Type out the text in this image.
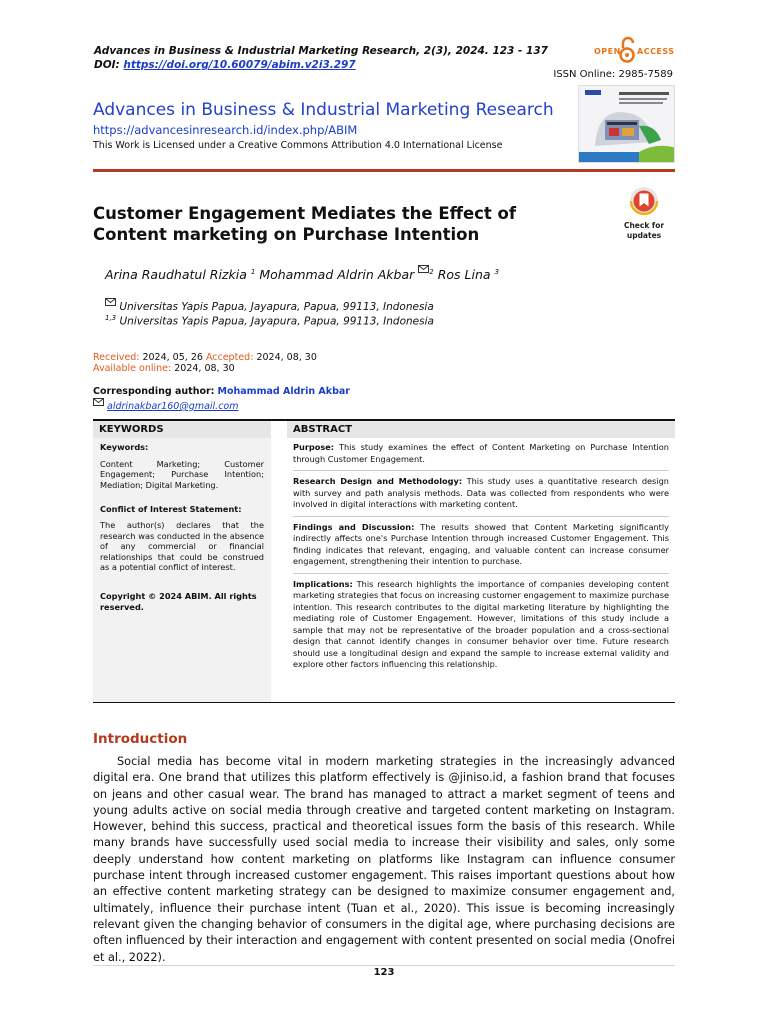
Advances in Business & Industrial Marketing Research, 2(3), 2024. 123 - 137
DOI: https://doi.org/10.60079/abim.v2i3.297
OPEN ACCESS
ISSN Online: 2985-7589
Advances in Business & Industrial Marketing Research
https://advancesinresearch.id/index.php/ABIM
This Work is Licensed under a Creative Commons Attribution 4.0 International License
Customer Engagement Mediates the Effect of Content marketing on Purchase Intention	Check for
updates
Arina Raudhatul Rizkia $^1$ Mohammad Aldrin Akbar $^2$ Ros Lina $^3$
Universitas Yapis Papua, Jayapura, Papua, 99113, Indonesia
$^{1,3}$ Universitas Yapis Papua, Jayapura, Papua, 99113, Indonesia
Received: 2024, 05, 26 Accepted: 2024, 08, 30
Available online: 2024, 08, 30
Corresponding author: Mohammad Aldrin Akbar
aldrinakbar160@gmail.com
KEYWORDS	ABSTRACT
Keywords:
Content Marketing; Customer Engagement; Purchase Intention; Mediation; Digital Marketing.
Conflict of Interest Statement:
The author(s) declares that the research was conducted in the absence of any commercial or financial relationships that could be construed as a potential conflict of interest.
Copyright © 2024 ABIM. All rights reserved.
Purpose: This study examines the effect of Content Marketing on Purchase Intention through Customer Engagement.
Research Design and Methodology: This study uses a quantitative research design with survey and path analysis methods. Data was collected from respondents who were involved in digital interactions with marketing content.
Findings and Discussion: The results showed that Content Marketing significantly indirectly affects one's Purchase Intention through increased Customer Engagement. This finding indicates that relevant, engaging, and valuable content can increase consumer engagement, strengthening their intention to purchase.
Implications: This research highlights the importance of companies developing content marketing strategies that focus on increasing customer engagement to maximize purchase intention. This research contributes to the digital marketing literature by highlighting the mediating role of Customer Engagement. However, limitations of this study include a sample that may not be representative of the broader population and a cross-sectional design that cannot identify changes in consumer behavior over time. Future research should use a longitudinal design and expand the sample to increase external validity and explore other factors influencing this relationship.
Introduction
Social media has become vital in modern marketing strategies in the increasingly advanced digital era. One brand that utilizes this platform effectively is @jiniso.id, a fashion brand that focuses on jeans and other casual wear. The brand has managed to attract a market segment of teens and young adults active on social media through creative and targeted content marketing on Instagram. However, behind this success, practical and theoretical issues form the basis of this research. While many brands have successfully used social media to increase their visibility and sales, only some deeply understand how content marketing on platforms like Instagram can influence consumer purchase intent through increased customer engagement. This raises important questions about how an effective content marketing strategy can be designed to maximize consumer engagement and, ultimately, influence their purchase intent (Tuan et al., 2020). This issue is becoming increasingly relevant given the changing behavior of consumers in the digital age, where purchasing decisions are often influenced by their interaction and engagement with content presented on social media (Onofrei et al., 2022).
123
